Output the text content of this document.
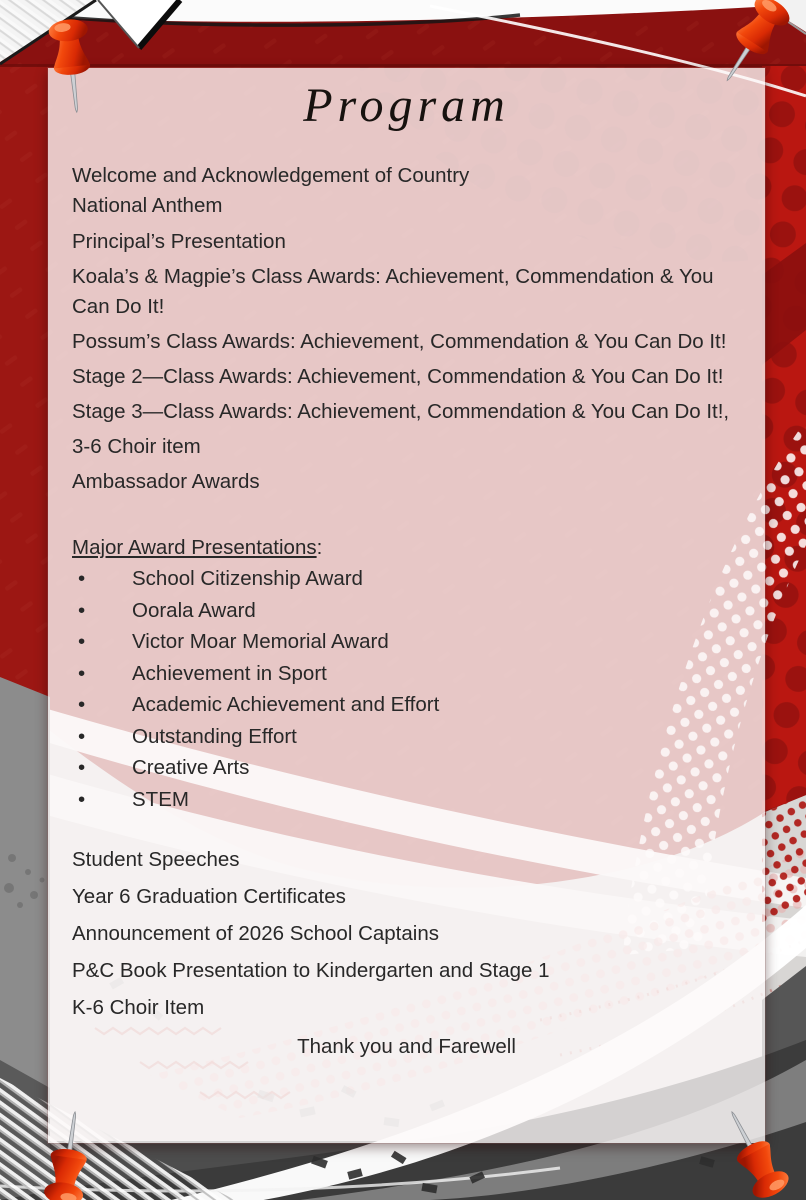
Program
Welcome and Acknowledgement of Country
National Anthem
Principal’s Presentation
Koala’s & Magpie’s Class Awards: Achievement, Commendation & You
Can Do It!
Possum’s Class Awards: Achievement, Commendation & You Can Do It!
Stage 2—Class Awards: Achievement, Commendation & You Can Do It!
Stage 3—Class Awards: Achievement, Commendation & You Can Do It!,
3-6 Choir item
Ambassador Awards
Major Award Presentations:
•	School Citizenship Award
•	Oorala Award
•	Victor Moar Memorial Award
•	Achievement in Sport
•	Academic Achievement and Effort
•	Outstanding Effort
•	Creative Arts
•	STEM
Student Speeches
Year 6 Graduation Certificates
Announcement of 2026 School Captains
P&C Book Presentation to Kindergarten and Stage 1
K-6 Choir Item
Thank you and Farewell
